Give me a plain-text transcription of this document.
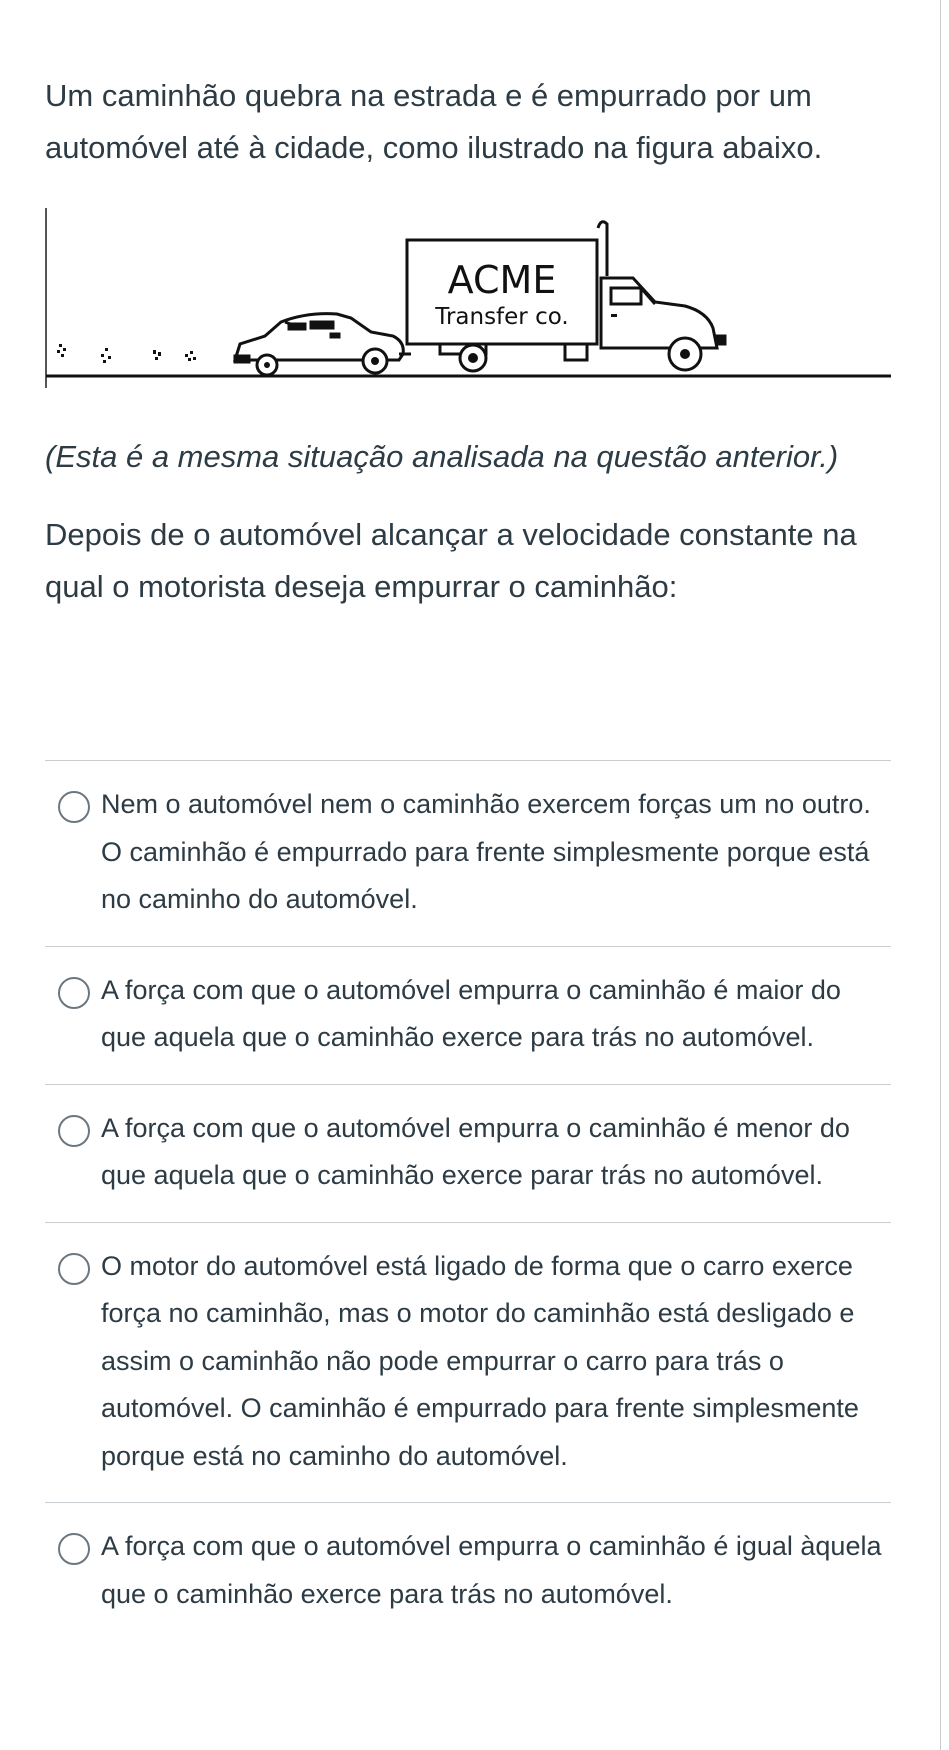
Um caminhão quebra na estrada e é empurrado por um automóvel até à cidade, como ilustrado na figura abaixo.

ACME
Transfer co.

(Esta é a mesma situação analisada na questão anterior.)

Depois de o automóvel alcançar a velocidade constante na qual o motorista deseja empurrar o caminhão:

Nem o automóvel nem o caminhão exercem forças um no outro. O caminhão é empurrado para frente simplesmente porque está no caminho do automóvel.
A força com que o automóvel empurra o caminhão é maior do que aquela que o caminhão exerce para trás no automóvel.
A força com que o automóvel empurra o caminhão é menor do que aquela que o caminhão exerce parar trás no automóvel.
O motor do automóvel está ligado de forma que o carro exerce força no caminhão, mas o motor do caminhão está desligado e assim o caminhão não pode empurrar o carro para trás o automóvel. O caminhão é empurrado para frente simplesmente porque está no caminho do automóvel.
A força com que o automóvel empurra o caminhão é igual àquela que o caminhão exerce para trás no automóvel.
